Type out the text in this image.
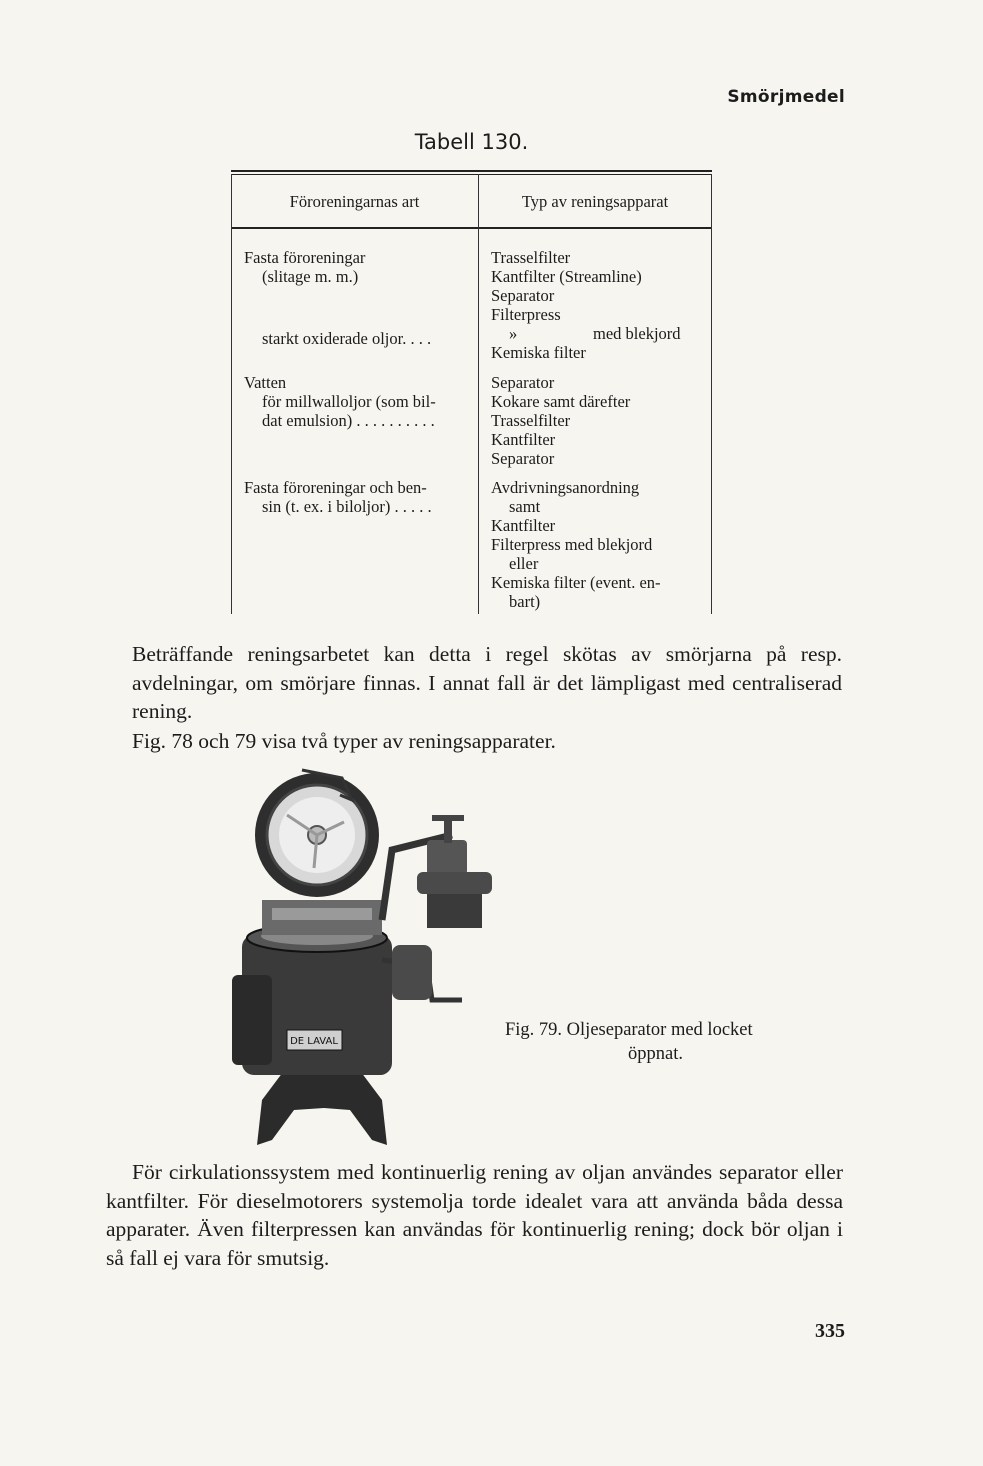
Smörjmedel
Tabell 130.
Föroreningarnas art	Typ av reningsapparat
Fasta föroreningar
(slitage m. m.)
starkt oxiderade oljor. . . .
Vatten
för millwalloljor (som bil-
dat emulsion) . . . . . . . . . .
Fasta föroreningar och ben-
sin (t. ex. i biloljor) . . . . .
Trasselfilter
Kantfilter (Streamline)
Separator
Filterpress
»	med blekjord
Kemiska filter
Separator
Kokare samt därefter
Trasselfilter
Kantfilter
Separator
Avdrivningsanordning
samt
Kantfilter
Filterpress med blekjord
eller
Kemiska filter (event. en-
bart)

Beträffande reningsarbetet kan detta i regel skötas av smörjarna på resp. avdelningar, om smörjare finnas. I annat fall är det lämpligast med centraliserad rening.

Fig. 78 och 79 visa två typer av reningsapparater.

DE LAVAL
Fig. 79. Oljeseparator med locket
öppnat.

För cirkulationssystem med kontinuerlig rening av oljan användes separator eller kantfilter. För dieselmotorers systemolja torde idealet vara att använda båda dessa apparater. Även filterpressen kan användas för kontinuerlig rening; dock bör oljan i så fall ej vara för smutsig.

335
